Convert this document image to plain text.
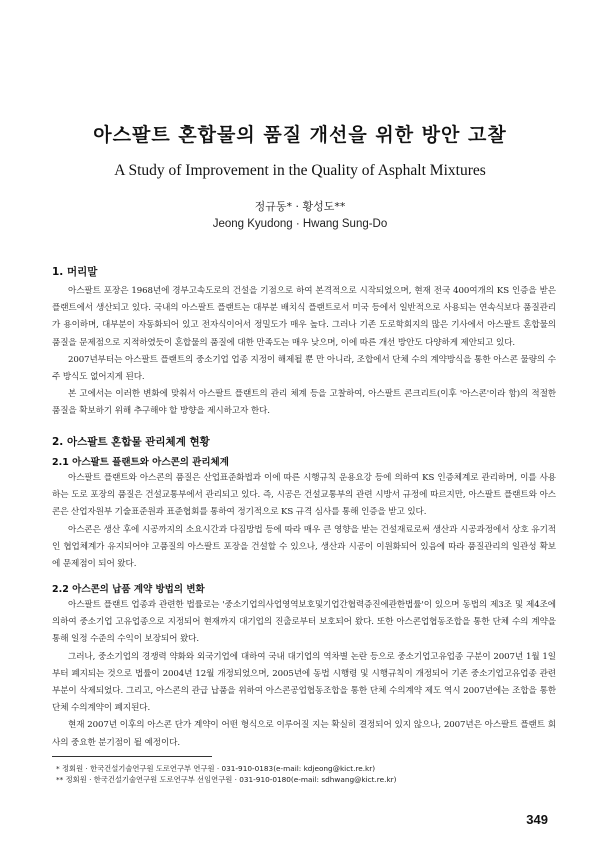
아스팔트 혼합물의 품질 개선을 위한 방안 고찰
A Study of Improvement in the Quality of Asphalt Mixtures
정규동* · 황성도**
Jeong Kyudong · Hwang Sung-Do
1. 머리말
아스팔트 포장은 1968년에 경부고속도로의 건설을 기점으로 하여 본격적으로 시작되었으며, 현재 전국 400여개의 KS 인증을 받은 플랜트에서 생산되고 있다. 국내의 아스팔트 플랜트는 대부분 배치식 플랜트로서 미국 등에서 일반적으로 사용되는 연속식보다 품질관리가 용이하며, 대부분이 자동화되어 있고 전자식이어서 정밀도가 매우 높다. 그러나 기존 도로학회지의 많은 기사에서 아스팔트 혼합물의 품질을 문제점으로 지적하였듯이 혼합물의 품질에 대한 만족도는 매우 낮으며, 이에 따른 개선 방안도 다양하게 제안되고 있다.
2007년부터는 아스팔트 플랜트의 중소기업 업종 지정이 해제될 뿐 만 아니라, 조합에서 단체 수의 계약방식을 통한 아스콘 물량의 수주 방식도 없어지게 된다.
본 고에서는 이러한 변화에 맞춰서 아스팔트 플랜트의 관리 체계 등을 고찰하여, 아스팔트 콘크리트(이후 '아스콘'이라 함)의 적절한 품질을 확보하기 위해 추구해야 할 방향을 제시하고자 한다.
2. 아스팔트 혼합물 관리체계 현황
2.1 아스팔트 플랜트와 아스콘의 관리체계
아스팔트 플랜트와 아스콘의 품질은 산업표준화법과 이에 따른 시행규칙 운용요강 등에 의하여 KS 인증체계로 관리하며, 이를 사용하는 도로 포장의 품질은 건설교통부에서 관리되고 있다. 즉, 시공은 건설교통부의 관련 시방서 규정에 따르지만, 아스팔트 플랜트와 아스콘은 산업자원부 기술표준원과 표준협회를 통하여 정기적으로 KS 규격 심사를 통해 인증을 받고 있다.
아스콘은 생산 후에 시공까지의 소요시간과 다짐방법 등에 따라 매우 큰 영향을 받는 건설재료로써 생산과 시공과정에서 상호 유기적인 협업체계가 유지되어야 고품질의 아스팔트 포장을 건설할 수 있으나, 생산과 시공이 이원화되어 있음에 따라 품질관리의 일관성 확보에 문제점이 되어 왔다.
2.2 아스콘의 납품 계약 방법의 변화
아스팔트 플랜트 업종과 관련한 법률로는 '중소기업의사업영역보호및기업간협력증진에관한법률'이 있으며 동법의 제3조 및 제4조에 의하여 중소기업 고유업종으로 지정되어 현재까지 대기업의 진출로부터 보호되어 왔다. 또한 아스콘업협동조합을 통한 단체 수의 계약을 통해 일정 수준의 수익이 보장되어 왔다.
그러나, 중소기업의 경쟁력 약화와 외국기업에 대하여 국내 대기업의 역차별 논란 등으로 중소기업고유업종 구분이 2007년 1월 1일부터 폐지되는 것으로 법률이 2004년 12월 개정되었으며, 2005년에 동법 시행령 및 시행규칙이 개정되어 기존 중소기업고유업종 관련 부분이 삭제되었다. 그리고, 아스콘의 관급 납품을 위하여 아스콘공업협동조합을 통한 단체 수의계약 제도 역시 2007년에는 조합을 통한 단체 수의계약이 폐지된다.
현재 2007년 이후의 아스콘 단가 계약이 어떤 형식으로 이루어질 지는 확실히 결정되어 있지 않으나, 2007년은 아스팔트 플랜트 회사의 중요한 분기점이 될 예정이다.
* 정회원 · 한국건설기술연구원 도로연구부 연구원 · 031-910-0183(e-mail: kdjeong@kict.re.kr)
** 정회원 · 한국건설기술연구원 도로연구부 선임연구원 · 031-910-0180(e-mail: sdhwang@kict.re.kr)
349
